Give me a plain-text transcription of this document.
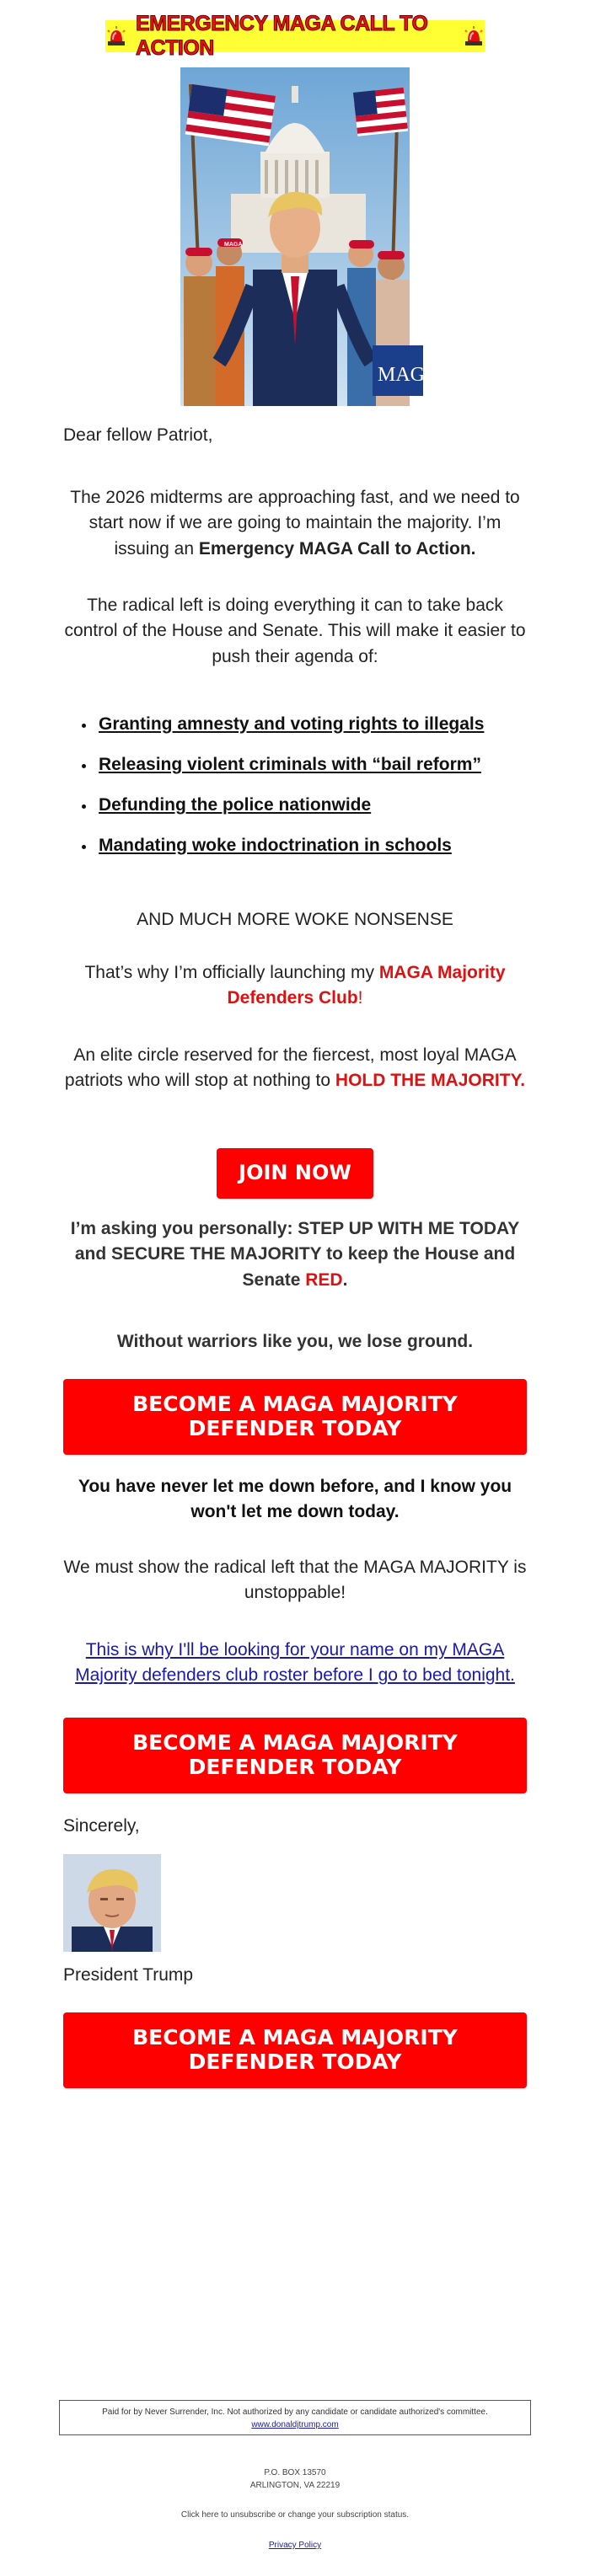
EMERGENCY MAGA CALL TO ACTION
MAGA
MAG
Dear fellow Patriot,
The 2026 midterms are approaching fast, and we need to start now if we are going to maintain the majority. I’m issuing an Emergency MAGA Call to Action.
The radical left is doing everything it can to take back control of the House and Senate. This will make it easier to push their agenda of:
Granting amnesty and voting rights to illegals
Releasing violent criminals with “bail reform”
Defunding the police nationwide
Mandating woke indoctrination in schools
AND MUCH MORE WOKE NONSENSE
That’s why I’m officially launching my MAGA Majority Defenders Club!
An elite circle reserved for the fiercest, most loyal MAGA patriots who will stop at nothing to HOLD THE MAJORITY.
JOIN NOW
I’m asking you personally: STEP UP WITH ME TODAY and SECURE THE MAJORITY to keep the House and Senate RED.
Without warriors like you, we lose ground.
BECOME A MAGA MAJORITY DEFENDER TODAY
You have never let me down before, and I know you won't let me down today.
We must show the radical left that the MAGA MAJORITY is unstoppable!
This is why I'll be looking for your name on my MAGA Majority defenders club roster before I go to bed tonight.
BECOME A MAGA MAJORITY DEFENDER TODAY
Sincerely,
President Trump
BECOME A MAGA MAJORITY DEFENDER TODAY
Paid for by Never Surrender, Inc. Not authorized by any candidate or candidate authorized's committee.
www.donaldjtrump.com
P.O. BOX 13570
ARLINGTON, VA 22219
Click here to unsubscribe or change your subscription status.
Privacy Policy
